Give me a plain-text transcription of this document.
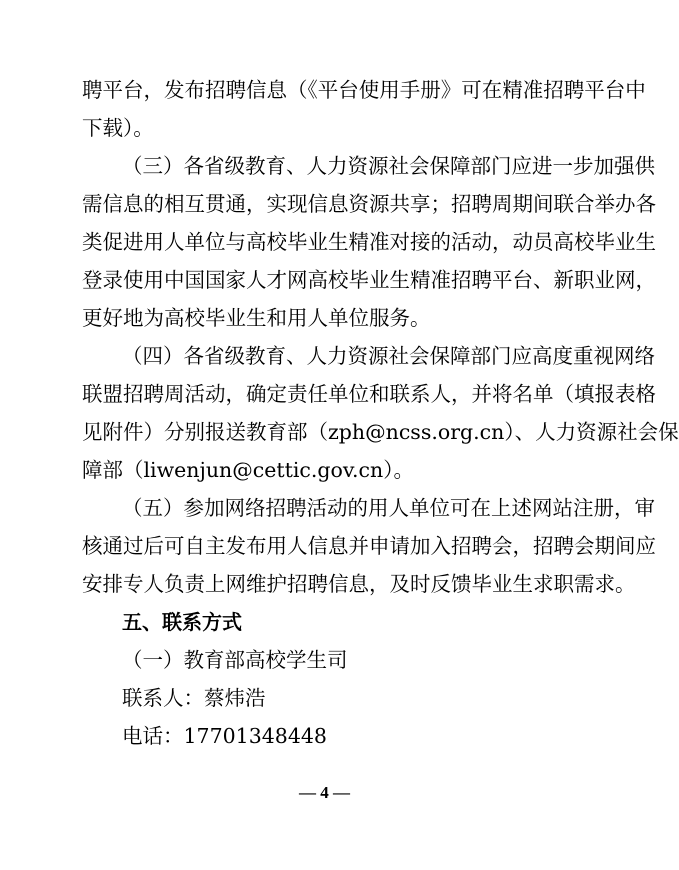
聘平台，发布招聘信息（《平台使用手册》可在精准招聘平台中
下载）。
（三）各省级教育、人力资源社会保障部门应进一步加强供
需信息的相互贯通，实现信息资源共享；招聘周期间联合举办各
类促进用人单位与高校毕业生精准对接的活动，动员高校毕业生
登录使用中国国家人才网高校毕业生精准招聘平台、新职业网，
更好地为高校毕业生和用人单位服务。
（四）各省级教育、人力资源社会保障部门应高度重视网络
联盟招聘周活动，确定责任单位和联系人，并将名单（填报表格
见附件）分别报送教育部（zph@ncss.org.cn）、人力资源社会保
障部（liwenjun@cettic.gov.cn）。
（五）参加网络招聘活动的用人单位可在上述网站注册，审
核通过后可自主发布用人信息并申请加入招聘会，招聘会期间应
安排专人负责上网维护招聘信息，及时反馈毕业生求职需求。
五、联系方式
（一）教育部高校学生司
联系人：蔡炜浩
电话：17701348448
— 4 —
